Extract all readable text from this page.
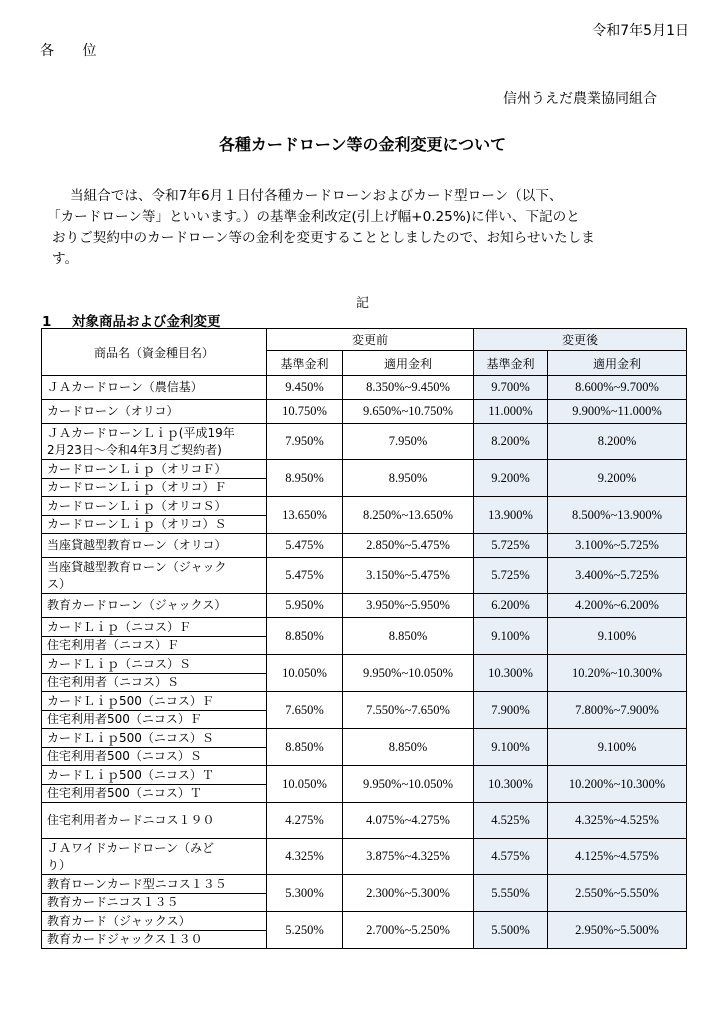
令和7年5月1日
各 位
信州うえだ農業協同組合
各種カードローン等の金利変更について

当組合では、令和7年6月１日付各種カードローンおよびカード型ローン（以下、

「カードローン等」といいます。）の基準金利改定(引上げ幅+0.25%)に伴い、下記のと

おりご契約中のカードローン等の金利を変更することとしましたので、お知らせいたしま

す。

記
1 対象商品および金利変更
商品名（資金種目名）	変更前		変更後	
	基準金利	適用金利	基準金利	適用金利

ＪＡカードローン（農信基）	9.450%	8.350%~9.450%	9.700%	8.600%~9.700%

カードローン（オリコ）	10.750%	9.650%~10.750%	11.000%	9.900%~11.000%

ＪＡカードローンＬｉｐ(平成19年
2月23日～令和4年3月ご契約者)	7.950%	7.950%	8.200%	8.200%

カードローンＬｉｐ（オリコＦ）
カードローンＬｉｐ（オリコ）Ｆ	8.950%	8.950%	9.200%	9.200%

カードローンＬｉｐ（オリコＳ）
カードローンＬｉｐ（オリコ）Ｓ	13.650%	8.250%~13.650%	13.900%	8.500%~13.900%

当座貸越型教育ローン（オリコ）	5.475%	2.850%~5.475%	5.725%	3.100%~5.725%

当座貸越型教育ローン（ジャック
ス）	5.475%	3.150%~5.475%	5.725%	3.400%~5.725%

教育カードローン（ジャックス）	5.950%	3.950%~5.950%	6.200%	4.200%~6.200%

カードＬｉｐ（ニコス）Ｆ
住宅利用者（ニコス）Ｆ	8.850%	8.850%	9.100%	9.100%

カードＬｉｐ（ニコス）Ｓ
住宅利用者（ニコス）Ｓ	10.050%	9.950%~10.050%	10.300%	10.20%~10.300%

カードＬｉｐ500（ニコス）Ｆ
住宅利用者500（ニコス）Ｆ	7.650%	7.550%~7.650%	7.900%	7.800%~7.900%

カードＬｉｐ500（ニコス）Ｓ
住宅利用者500（ニコス）Ｓ	8.850%	8.850%	9.100%	9.100%

カードＬｉｐ500（ニコス）Ｔ
住宅利用者500（ニコス）Ｔ	10.050%	9.950%~10.050%	10.300%	10.200%~10.300%

住宅利用者カードニコス１９０	4.275%	4.075%~4.275%	4.525%	4.325%~4.525%

ＪＡワイドカードローン（みど
り）	4.325%	3.875%~4.325%	4.575%	4.125%~4.575%

教育ローンカード型ニコス１３５
教育カードニコス１３５	5.300%	2.300%~5.300%	5.550%	2.550%~5.550%

教育カード（ジャックス）
教育カードジャックス１３０	5.250%	2.700%~5.250%	5.500%	2.950%~5.500%
